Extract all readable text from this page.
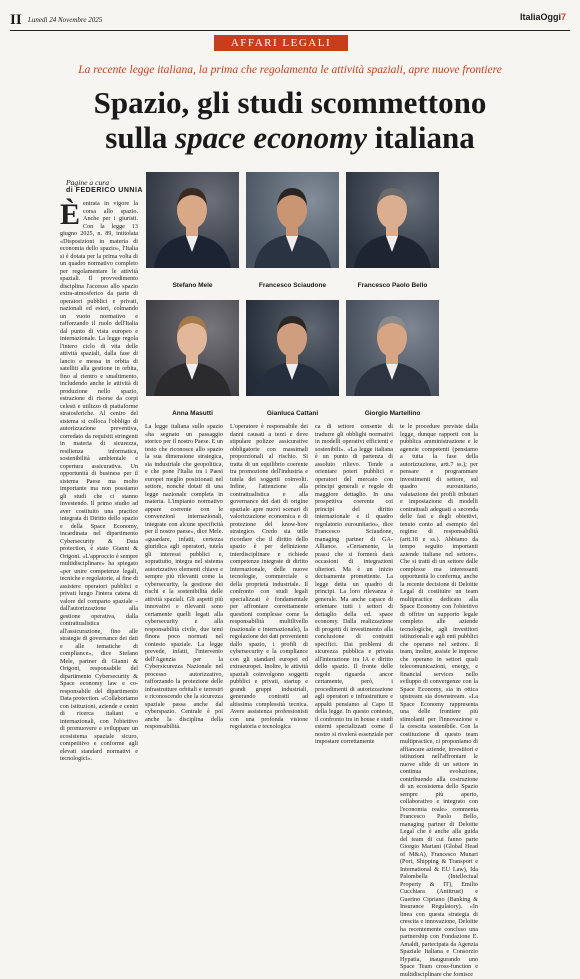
II Lunedì 24 Novembre 2025	ItaliaOggi7
AFFARI LEGALI
La recente legge italiana, la prima che regolamenta le attività spaziali, apre nuove frontiere
Spazio, gli studi scommettono
sulla space economy italiana
Pagine a cura
di FEDERICO UNNIA
Èentrata in vigore la corsa allo spazio. Anche per i giuristi. Con la legge 13 giugno 2025, n. 89, intitolata «Disposizioni in materia di economia dello spazio», l'Italia si è dotata per la prima volta di un quadro normativo completo per regolamentare le attività spaziali. Il provvedimento disciplina l'accesso allo spazio extra-atmosferico da parte di operatori pubblici e privati, nazionali ed esteri, colmando un vuoto normativo e rafforzando il ruolo dell'Italia dal punto di vista europeo e internazionale. La legge regola l'intero ciclo di vita delle attività spaziali, dalla fase di lancio e messa in orbita di satelliti alla gestione in orbita, fino al rientro e smaltimento, includendo anche le attività di produzione nello spazio, estrazione di risorse da corpi celesti e utilizzo di piattaforme stratosferiche. Al centro del sistema si colloca l'obbligo di autorizzazione preventiva, corredato da requisiti stringenti in materia di sicurezza, resilienza informatica, sostenibilità ambientale e copertura assicurativa. Un opportunità di business per il sistema Paese ma molto importante ma non possiamo gli studi che ci stanno investendo. Il primo studio ad aver costituito una practice integrata di Diritto dello spazio e della Space Economy, incardinata nel dipartimento Cybersecurity & Data protection, è stato Gianni & Origoni. «L'approccio è sempre multidisciplinare» ha spiegato «per unire competenze legali, tecniche e regolatorie, al fine di assistere operatori pubblici e privati lungo l'intera catena di valore del comparto spaziale – dall'autorizzazione alla gestione operativa, dalla contrattualistica all'assicurazione, fino alle strategie di governance dei dati e alle tematiche di compliance», dice Stefano Mele, partner di Gianni & Origoni, responsabile del dipartimento Cybersecurity & Space economy law e co-responsabile del dipartimento Data protection. «Collaboriamo con istituzioni, aziende e centri di ricerca italiani e internazionali, con l'obiettivo di promuovere e sviluppare un ecosistema spaziale sicuro, competitivo e conforme agli elevati standard normativi e tecnologici».
La legge italiana sullo spazio «ha segnato un passaggio storico per il nostro Paese. E un testo che riconosce allo spazio la sua dimensione strategica, sia industriale che geopolitica, e che pone l'Italia tra i Paesi europei meglio posizionati nel settore, nonché dotati di una legge nazionale completa in materia. L'impianto normativo appare coerente con le convenzioni internazionali, integrate con alcune specificità per il nostro paese», dice Mele. «guardare, infatti, certezza giuridica agli operatori, tutela gli interessi pubblici e, soprattutto, integra nel sistema autorizzativo elementi chiave e sempre più rilevanti come la cybersecurity, la gestione dei rischi e la sostenibilità delle attività spaziali. Gli aspetti più innovativi e rilevanti sono certamente quelli legati alla cybersecurity e alla responsabilità civile, due temi finora poco normati nel contesto spaziale. La legge prevede, infatti, l'intervento dell'Agenzia per la Cybersicurezza Nazionale nel processo autorizzativo, rafforzando la protezione delle infrastrutture orbitali e terrestri e riconoscendo che la sicurezza spaziale passa anche dal cyberspazio. Centrale è poi anche la disciplina della responsabilità.
L'operatore è responsabile dei danni causati a terzi e deve stipulare polizze assicurative obbligatorie con massimali proporzionali al rischio. Si tratta di un equilibrio coerente tra promozione dell'industria e tutela dei soggetti coinvolti. Infine, l'attenzione alla contrattualistica e alla governance dei dati di origine spaziale apre nuovi scenari di valorizzazione economica e di protezione del know-how strategico. Credo sia utile ricordare che il diritto dello spazio è per definizione interdisciplinare e richiede competenze integrate di diritto internazionale, delle nuove tecnologie, commerciale e della proprietà industriale. Il confronto con studi legali specializzati è fondamentale per affrontare correttamente questioni complesse come la responsabilità multilivello (nazionale e internazionale), la regolazione dei dati provenienti dallo spazio, i profili di cybersecurity e la compliance con gli standard europei ed extraeuropei. Inoltre, le attività spaziali coinvolgono soggetti pubblici e privati, startup e grandi gruppi industriali, generando contratti ad altissima complessità tecnica. Avere assistenza professionisti con una profonda visione regolatoria e tecnologica
ca di settore consente di tradurre gli obblighi normativi in modelli operativi efficienti e sostenibili». «La legge italiana è un punto di partenza di assoluto rilievo. Tende a orientare poteri pubblici e operatori del mercato con principi generali e regole di maggiore dettaglio. In una prospettiva coerente coi principi del diritto internazionale e il quadro regolatorio eurounitario», dice Francesco Sciaudone, managing partner di GA-Alliance. «Certamente, la prassi che si formerà darà occasioni di integrazioni ulteriori. Ma è un inizio decisamente promettente. La legge detta un quadro di principi. La loro rilevanza è generale. Ma anche capace di orientare tutti i settori di dettaglio della ed. space economy. Dalla realizzazione di progetti di investimento alla conclusione di contratti specifici. Dai problemi di sicurezza pubblica e privata all'interazione tra IA e diritto dello spazio. Il fronte delle regole riguarda ancor certamente, però, i procedimenti di autorizzazione agli operatori e infrastrutture e appalti pensiamo al Capo II della legge. In questo contesto, il confronto tra in house e studi esterni specializzati come il nostro si rivelerà essenziale per impostare correttamente
te le procedure previste dalla legge, dunque rapporti con la pubblica amministrazione e le agenzie competenti (pensiamo a tutta la fase della autorizzazione, artt.7 ss.); per pensare e programmare investimenti di settore, sul quadro eurounitario, valutazione dei profili tributari e impostazione di modelli contrattuali adeguati a seconda delle fasi e degli obiettivi, tenuto conto ad esempio del regime di responsabilità (artt.18 e ss.). Abbiamo da tempo seguito importanti aziende italiane nel settore». Che si tratti di un settore dalle complesse ma interessanti opportunità lo conferma, anche la recente decisione di Deloitte Legal di costituire un team multipractice dedicato alla Space Economy con l'obiettivo di offrire un supporto legale completo alle aziende tecnologiche, agli investitori istituzionali e agli enti pubblici che operano nel settore. Il team, inoltre, assiste le imprese che operano in settori quali telecomunicazioni, energy, e financial services nello sviluppo di convergenze con la Space Economy, sia in ottica upstream sia downstream. «La Space Economy rappresenta una delle frontiere più stimolanti per l'innovazione e la crescita sostenibile. Con la costituzione di questo team multipractice, ci proponiamo di affiancare aziende, investitori e istituzioni nell'affrontare le nuove sfide di un settore in continua evoluzione, contribuendo alla costruzione di un ecosistema dello Spazio sempre più aperto, collaborativo e integrato con l'economia reale» commenta Francesco Paolo Bello, managing partner di Deloitte Legal che è anche alla guida del team di cui fanno parte Giorgio Mariani (Global Head of M&A), Francesco Munari (Port, Shipping & Transport e International & EU Law), Ida Palombella (Intellectual Property & IT), Emilio Cucchiara (Antitrust) e Guerino Cipriano (Banking & Insurance Regulatory). «In linea con questa strategia di crescita e innovazione, Deloitte ha recentemente concluso una partnership con Fondazione E. Amaldi, partecipata da Agenzia Spaziale Italiana e Consorzio Hypatia, inaugurando uno Space Team cross-function e multidisciplinare che fornisce
Stefano Mele	Francesco Sciaudone	Francesco Paolo Bello
Anna Masutti	Gianluca Cattani	Giorgio Martellino
